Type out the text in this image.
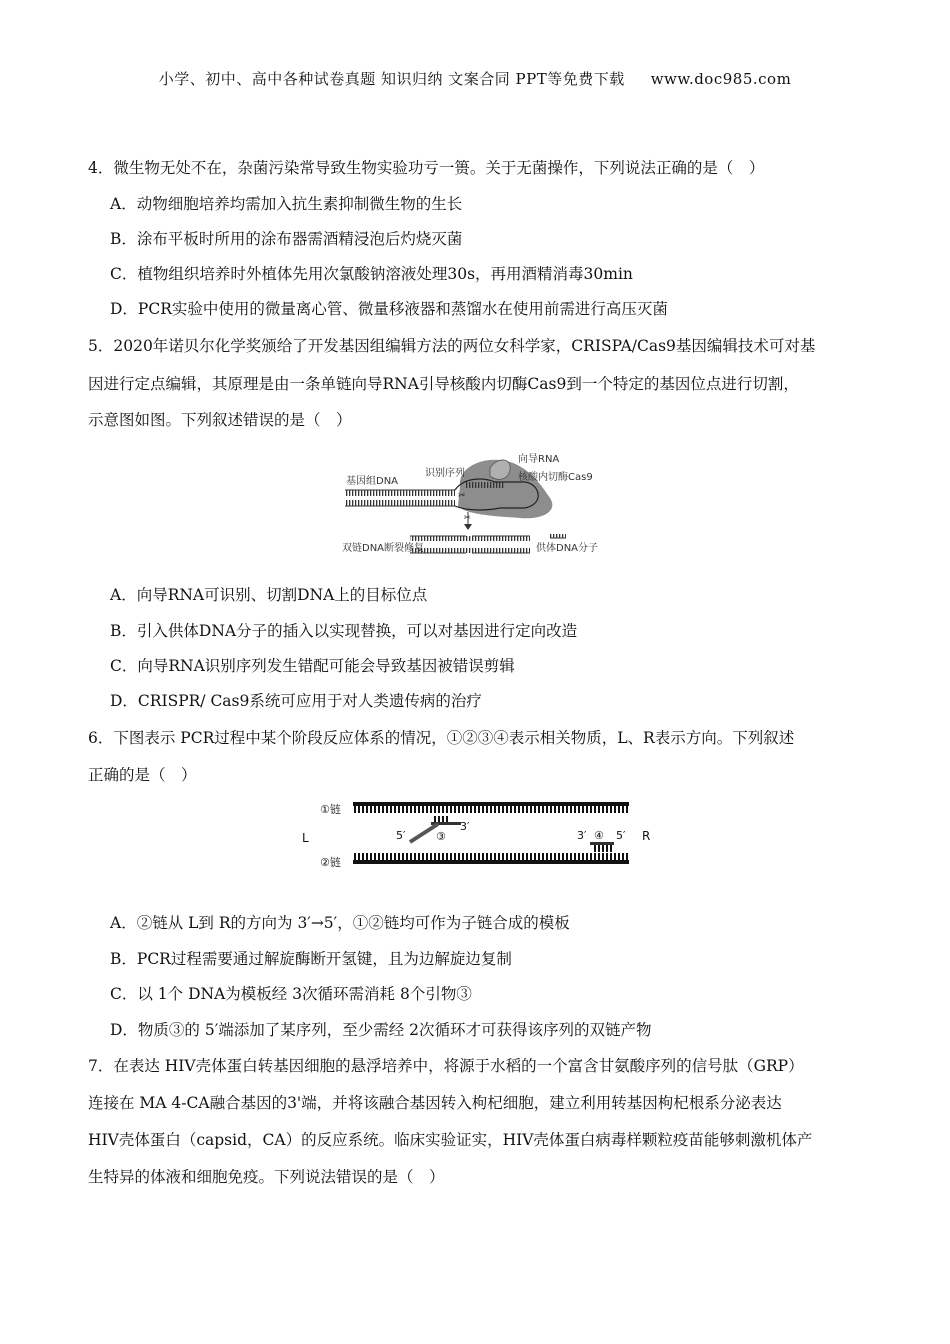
小学、初中、高中各种试卷真题 知识归纳 文案合同 PPT等免费下载 www.doc985.com
4．微生物无处不在，杂菌污染常导致生物实验功亏一篑。关于无菌操作，下列说法正确的是（　）
A．动物细胞培养均需加入抗生素抑制微生物的生长
B．涂布平板时所用的涂布器需酒精浸泡后灼烧灭菌
C．植物组织培养时外植体先用次氯酸钠溶液处理30s，再用酒精消毒30min
D．PCR实验中使用的微量离心管、微量移液器和蒸馏水在使用前需进行高压灭菌
5．2020年诺贝尔化学奖颁给了开发基因组编辑方法的两位女科学家，CRISPA/Cas9基因编辑技术可对基
因进行定点编辑，其原理是由一条单链向导RNA引导核酸内切酶Cas9到一个特定的基因位点进行切割，
示意图如图。下列叙述错误的是（　）
✂
基因组DNA
识别序列
向导RNA
核酸内切酶Cas9
✂
双链DNA断裂修复	供体DNA分子
A．向导RNA可识别、切割DNA上的目标位点
B．引入供体DNA分子的插入以实现替换，可以对基因进行定向改造
C．向导RNA识别序列发生错配可能会导致基因被错误剪辑
D．CRISPR/ Cas9系统可应用于对人类遗传病的治疗
6．下图表示 PCR过程中某个阶段反应体系的情况，①②③④表示相关物质，L、R表示方向。下列叙述
正确的是（　）
①链
②链
L	R
5′	③
3′
3′ ④ 5′
A．②链从 L到 R的方向为 3′→5′，①②链均可作为子链合成的模板
B．PCR过程需要通过解旋酶断开氢键，且为边解旋边复制
C．以 1个 DNA为模板经 3次循环需消耗 8个引物③
D．物质③的 5′端添加了某序列，至少需经 2次循环才可获得该序列的双链产物
7．在表达 HIV壳体蛋白转基因细胞的悬浮培养中，将源于水稻的一个富含甘氨酸序列的信号肽（GRP）
连接在 MA 4-CA融合基因的3'端，并将该融合基因转入枸杞细胞，建立利用转基因枸杞根系分泌表达
HIV壳体蛋白（capsid，CA）的反应系统。临床实验证实，HIV壳体蛋白病毒样颗粒疫苗能够刺激机体产
生特异的体液和细胞免疫。下列说法错误的是（　）
